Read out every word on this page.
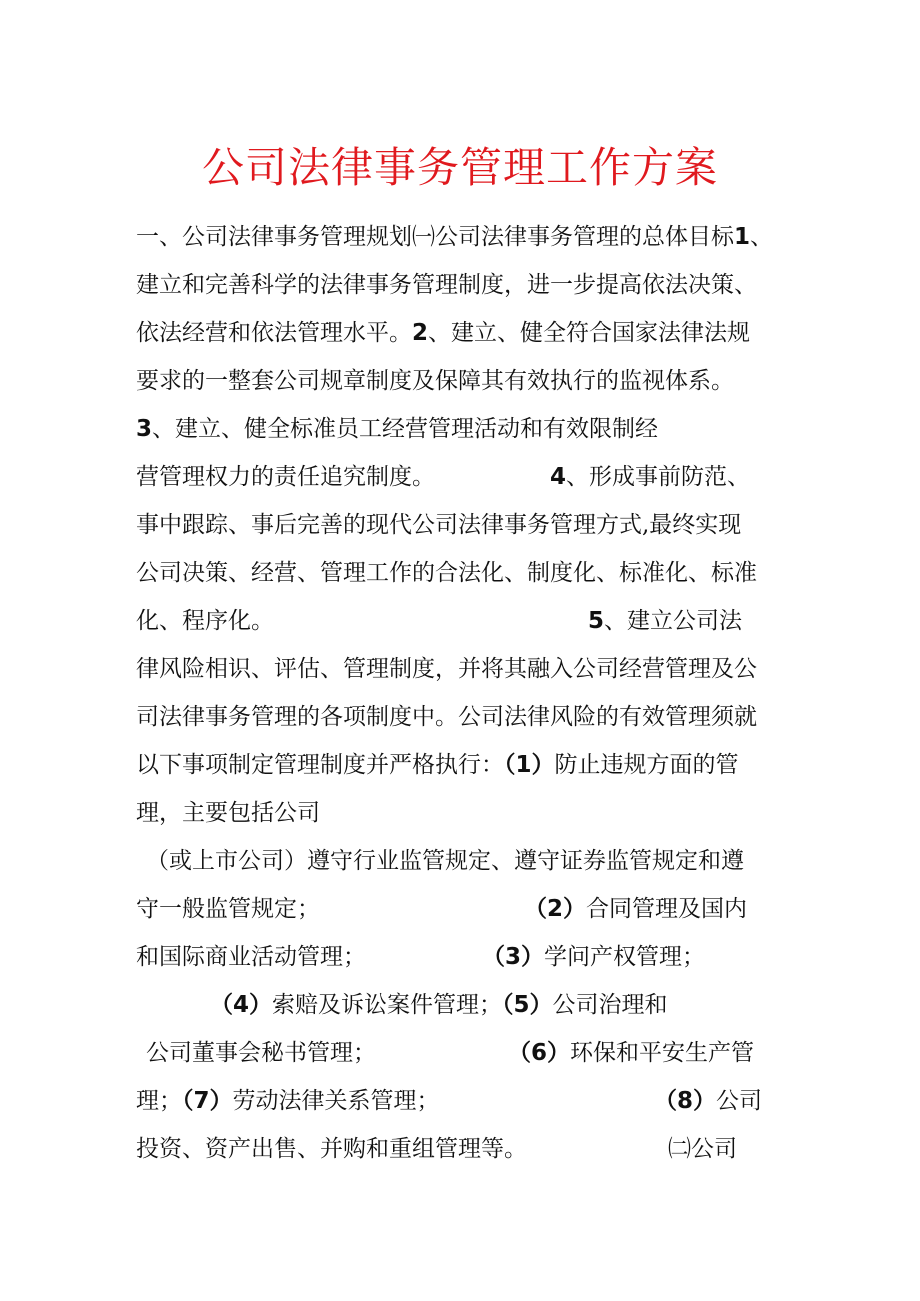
公司法律事务管理工作方案
一、公司法律事务管理规划㈠公司法律事务管理的总体目标1、
建立和完善科学的法律事务管理制度，进一步提高依法决策、
依法经营和依法管理水平。2、建立、健全符合国家法律法规
要求的一整套公司规章制度及保障其有效执行的监视体系。
3、建立、健全标准员工经营管理活动和有效限制经
营管理权力的责任追究制度。	4、形成事前防范、
事中跟踪、事后完善的现代公司法律事务管理方式,最终实现
公司决策、经营、管理工作的合法化、制度化、标准化、标准
化、程序化。	5、建立公司法
律风险相识、评估、管理制度，并将其融入公司经营管理及公
司法律事务管理的各项制度中。公司法律风险的有效管理须就
以下事项制定管理制度并严格执行：（1）防止违规方面的管
理，主要包括公司
（或上市公司）遵守行业监管规定、遵守证券监管规定和遵
守一般监管规定；	（2）合同管理及国内
和国际商业活动管理；	（3）学问产权管理；
（4）索赔及诉讼案件管理；（5）公司治理和
公司董事会秘书管理；	（6）环保和平安生产管
理；（7）劳动法律关系管理；	（8）公司
投资、资产出售、并购和重组管理等。	㈡公司
